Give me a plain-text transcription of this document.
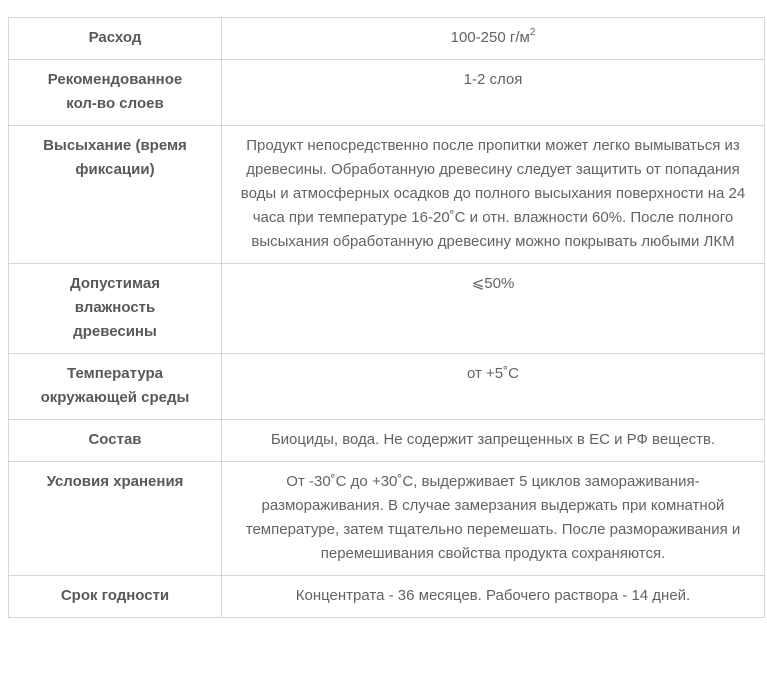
Расход	100-250 $г/м^2$
Рекомендованное кол-во слоев	1-2 слоя
Высыхание (время фиксации)	Продукт непосредственно после пропитки может легко вымываться из древесины. Обработанную древесину следует защитить от попадания воды и атмосферных осадков до полного высыхания поверхности на 24 часа при температуре 16-20˚С и отн. влажности 60%. После полного высыхания обработанную древесину можно покрывать любыми ЛКМ
Допустимая влажность древесины	⩽50%
Температура окружающей среды	от +5˚С
Состав	Биоциды, вода. Не содержит запрещенных в ЕС и РФ веществ.
Условия хранения	От -30˚С до +30˚С, выдерживает 5 циклов замораживания-размораживания. В случае замерзания выдержать при комнатной температуре, затем тщательно перемешать. После размораживания и перемешивания свойства продукта сохраняются.
Срок годности	Концентрата - 36 месяцев. Рабочего раствора - 14 дней.
